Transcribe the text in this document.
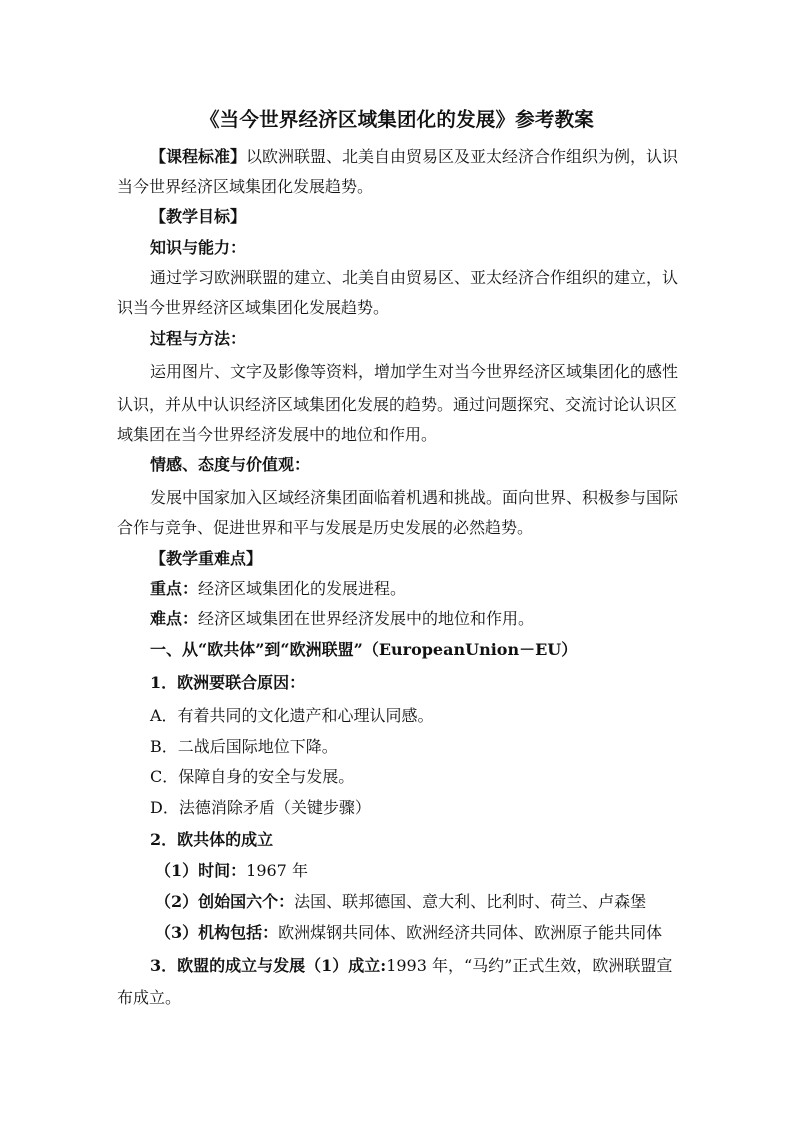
《当今世界经济区域集团化的发展》参考教案
【课程标准】以欧洲联盟、北美自由贸易区及亚太经济合作组织为例，认识
当今世界经济区域集团化发展趋势。
【教学目标】
知识与能力：
通过学习欧洲联盟的建立、北美自由贸易区、亚太经济合作组织的建立，认
识当今世界经济区域集团化发展趋势。
过程与方法：
运用图片、文字及影像等资料，增加学生对当今世界经济区域集团化的感性
认识，并从中认识经济区域集团化发展的趋势。通过问题探究、交流讨论认识区
域集团在当今世界经济发展中的地位和作用。
情感、态度与价值观：
发展中国家加入区域经济集团面临着机遇和挑战。面向世界、积极参与国际
合作与竞争、促进世界和平与发展是历史发展的必然趋势。
【教学重难点】
重点：经济区域集团化的发展进程。
难点：经济区域集团在世界经济发展中的地位和作用。
一、从“欧共体”到“欧洲联盟”（EuropeanUnion－EU）
1．欧洲要联合原因：
A．有着共同的文化遗产和心理认同感。
B．二战后国际地位下降。
C．保障自身的安全与发展。
D．法德消除矛盾（关键步骤）
2．欧共体的成立
（1）时间：1967 年
（2）创始国六个：法国、联邦德国、意大利、比利时、荷兰、卢森堡
（3）机构包括：欧洲煤钢共同体、欧洲经济共同体、欧洲原子能共同体
3．欧盟的成立与发展（1）成立:1993 年，“马约”正式生效，欧洲联盟宣
布成立。
